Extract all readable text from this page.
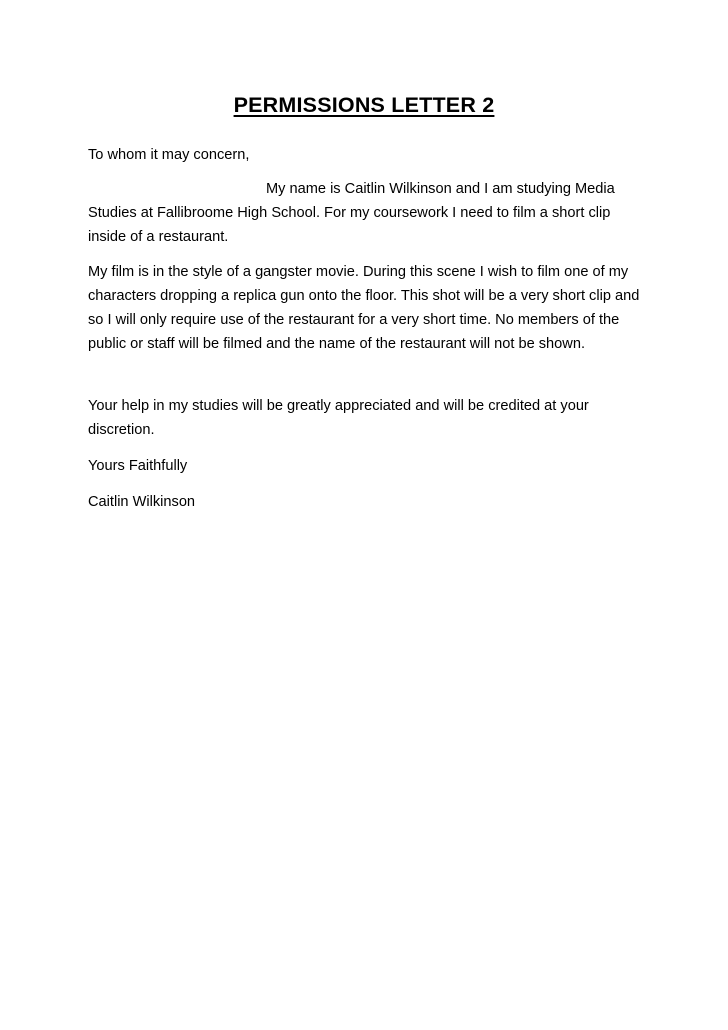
PERMISSIONS LETTER 2

To whom it may concern,

My name is Caitlin Wilkinson and I am studying Media Studies at Fallibroome High School. For my coursework I need to film a short clip inside of a restaurant.

My film is in the style of a gangster movie. During this scene I wish to film one of my characters dropping a replica gun onto the floor. This shot will be a very short clip and so I will only require use of the restaurant for a very short time. No members of the public or staff will be filmed and the name of the restaurant will not be shown.

Your help in my studies will be greatly appreciated and will be credited at your discretion.

Yours Faithfully

Caitlin Wilkinson
